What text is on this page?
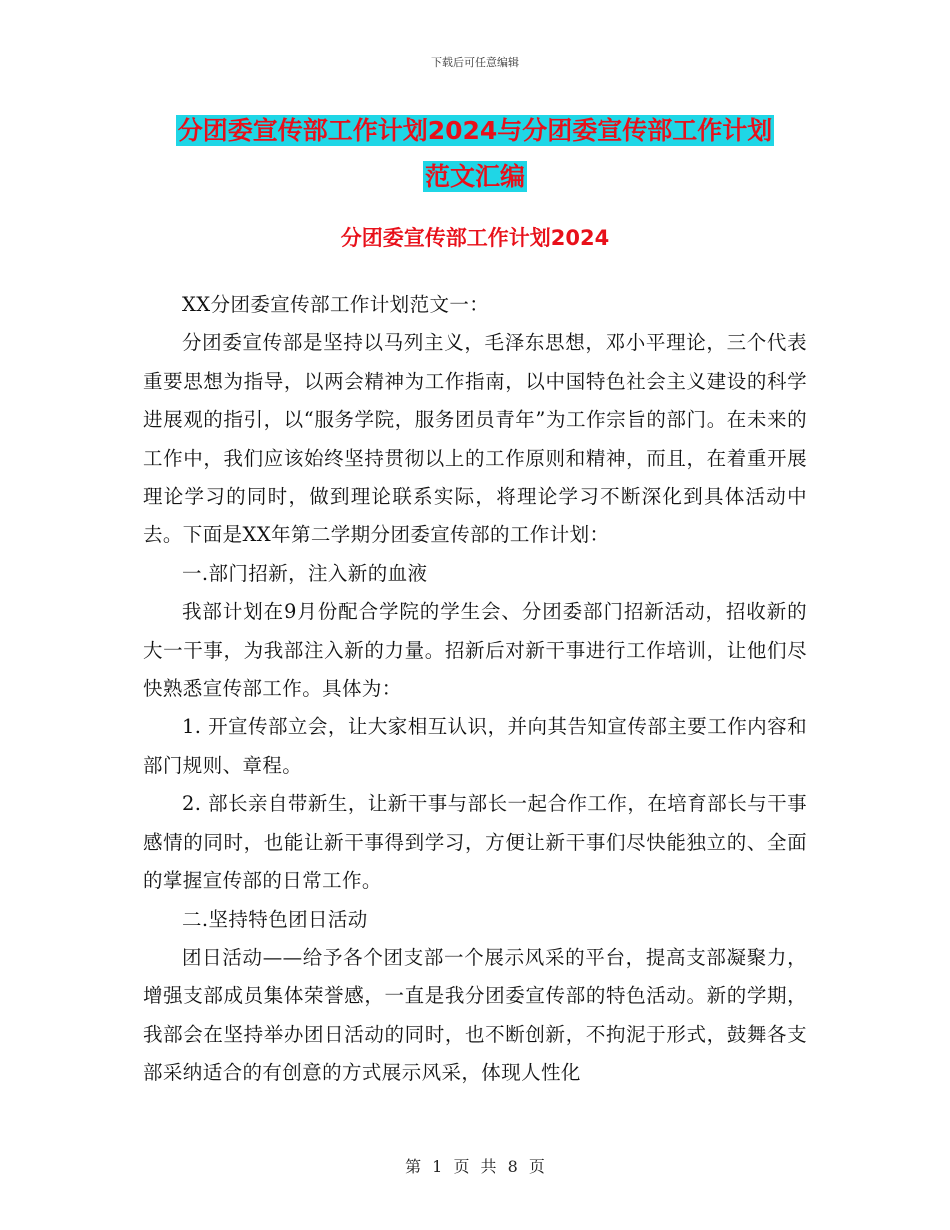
下载后可任意编辑
分团委宣传部工作计划2024与分团委宣传部工作计划
范文汇编
分团委宣传部工作计划2024

XX分团委宣传部工作计划范文一：

分团委宣传部是坚持以马列主义，毛泽东思想，邓小平理论，三个代表重要思想为指导，以两会精神为工作指南，以中国特色社会主义建设的科学进展观的指引，以“服务学院，服务团员青年”为工作宗旨的部门。在未来的工作中，我们应该始终坚持贯彻以上的工作原则和精神，而且，在着重开展理论学习的同时，做到理论联系实际，将理论学习不断深化到具体活动中去。下面是XX年第二学期分团委宣传部的工作计划：

一.部门招新，注入新的血液

我部计划在9月份配合学院的学生会、分团委部门招新活动，招收新的大一干事，为我部注入新的力量。招新后对新干事进行工作培训，让他们尽快熟悉宣传部工作。具体为：

1. 开宣传部立会，让大家相互认识，并向其告知宣传部主要工作内容和部门规则、章程。

2. 部长亲自带新生，让新干事与部长一起合作工作，在培育部长与干事感情的同时，也能让新干事得到学习，方便让新干事们尽快能独立的、全面的掌握宣传部的日常工作。

二.坚持特色团日活动

团日活动——给予各个团支部一个展示风采的平台，提高支部凝聚力，增强支部成员集体荣誉感，一直是我分团委宣传部的特色活动。新的学期，我部会在坚持举办团日活动的同时，也不断创新，不拘泥于形式，鼓舞各支部采纳适合的有创意的方式展示风采，体现人性化

第 1 页 共 8 页
